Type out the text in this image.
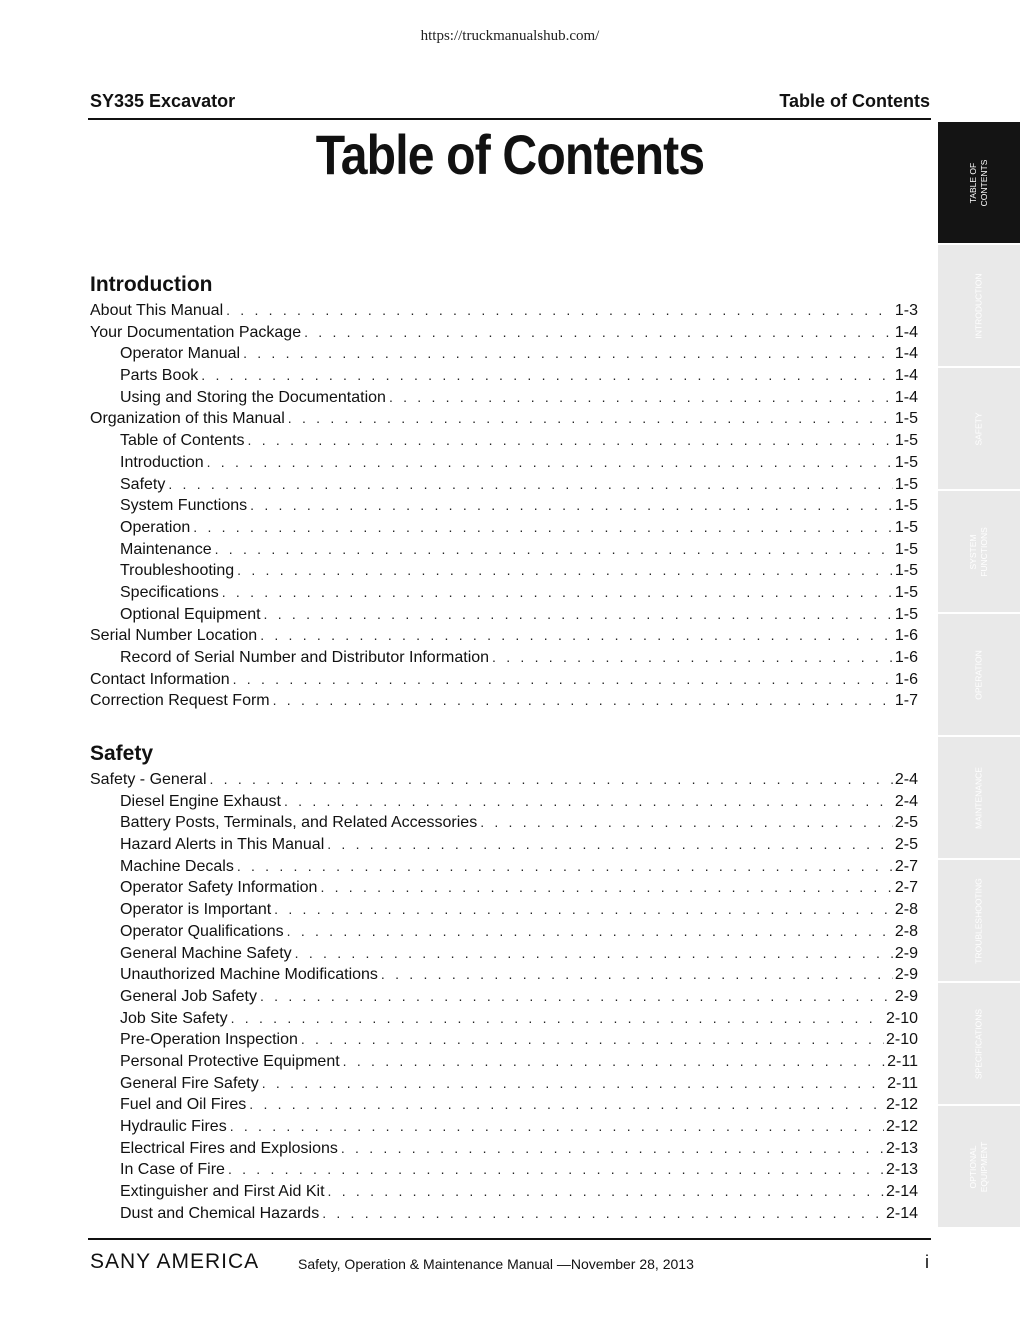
https://truckmanualshub.com/
SY335 Excavator	Table of Contents
Table of Contents
TABLE OF
CONTENTS
INTRODUCTION
SAFETY
SYSTEM
FUNCTIONS
OPERATION
MAINTENANCE
TROUBLESHOOTING
SPECIFICATIONS
OPTIONAL
EQUIPMENT
Introduction
About This Manual . . .	1-3
Your Documentation Package . . .	1-4
Operator Manual . . .	1-4
Parts Book . . .	1-4
Using and Storing the Documentation . . .	1-4
Organization of this Manual . . .	1-5
Table of Contents . . .	1-5
Introduction . . .	1-5
Safety . . .	1-5
System Functions . . .	1-5
Operation . . .	1-5
Maintenance . . .	1-5
Troubleshooting . . .	1-5
Specifications . . .	1-5
Optional Equipment . . .	1-5
Serial Number Location . . .	1-6
Record of Serial Number and Distributor Information . . .	1-6
Contact Information . . .	1-6
Correction Request Form . . .	1-7
Safety
Safety - General . . .	2-4
Diesel Engine Exhaust . . .	2-4
Battery Posts, Terminals, and Related Accessories . . .	2-5
Hazard Alerts in This Manual . . .	2-5
Machine Decals . . .	2-7
Operator Safety Information . . .	2-7
Operator is Important . . .	2-8
Operator Qualifications . . .	2-8
General Machine Safety . . .	2-9
Unauthorized Machine Modifications . . .	2-9
General Job Safety . . .	2-9
Job Site Safety . . .	2-10
Pre-Operation Inspection . . .	2-10
Personal Protective Equipment . . .	2-11
General Fire Safety . . .	2-11
Fuel and Oil Fires . . .	2-12
Hydraulic Fires . . .	2-12
Electrical Fires and Explosions . . .	2-13
In Case of Fire . . .	2-13
Extinguisher and First Aid Kit . . .	2-14
Dust and Chemical Hazards . . .	2-14
SANY AMERICA	Safety, Operation & Maintenance Manual —November 28, 2013	i
